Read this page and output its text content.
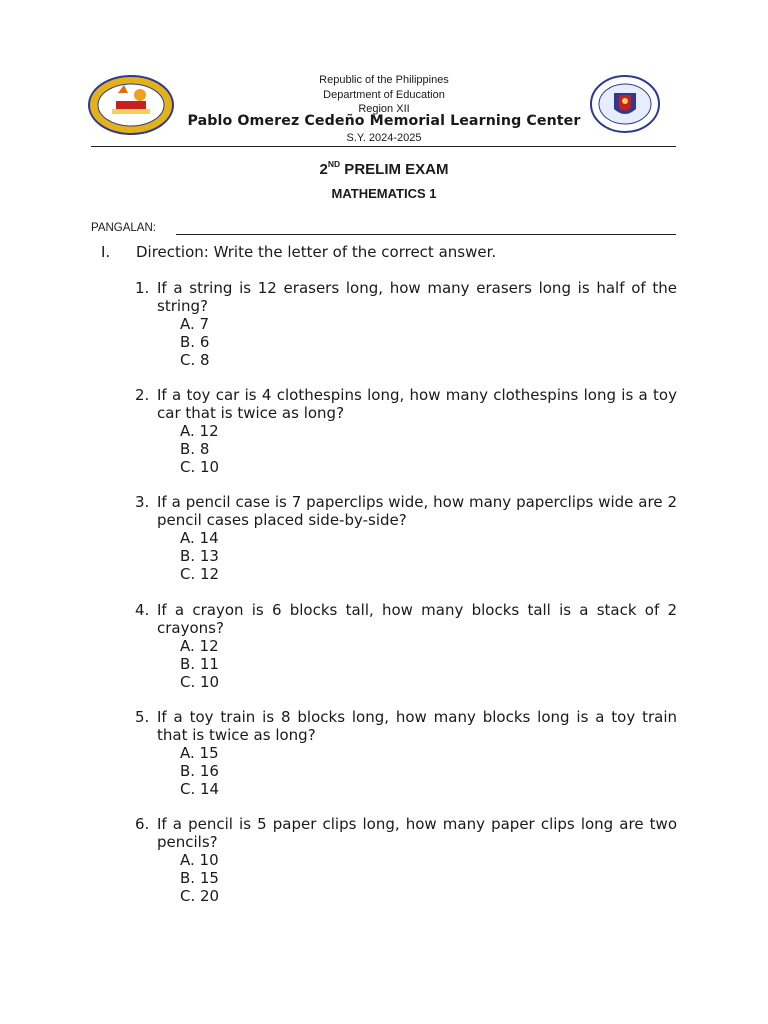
Republic of the Philippines
Department of Education
Region XII
Pablo Omerez Cedeño Memorial Learning Center
S.Y. 2024-2025
2ND PRELIM EXAM
MATHEMATICS 1
PANGALAN:
I. Direction: Write the letter of the correct answer.
1. If a string is 12 erasers long, how many erasers long is half of the string?
A. 7
B. 6
C. 8
2. If a toy car is 4 clothespins long, how many clothespins long is a toy car that is twice as long?
A. 12
B. 8
C. 10
3. If a pencil case is 7 paperclips wide, how many paperclips wide are 2 pencil cases placed side-by-side?
A. 14
B. 13
C. 12
4. If a crayon is 6 blocks tall, how many blocks tall is a stack of 2 crayons?
A. 12
B. 11
C. 10
5. If a toy train is 8 blocks long, how many blocks long is a toy train that is twice as long?
A. 15
B. 16
C. 14
6. If a pencil is 5 paper clips long, how many paper clips long are two pencils?
A. 10
B. 15
C. 20
